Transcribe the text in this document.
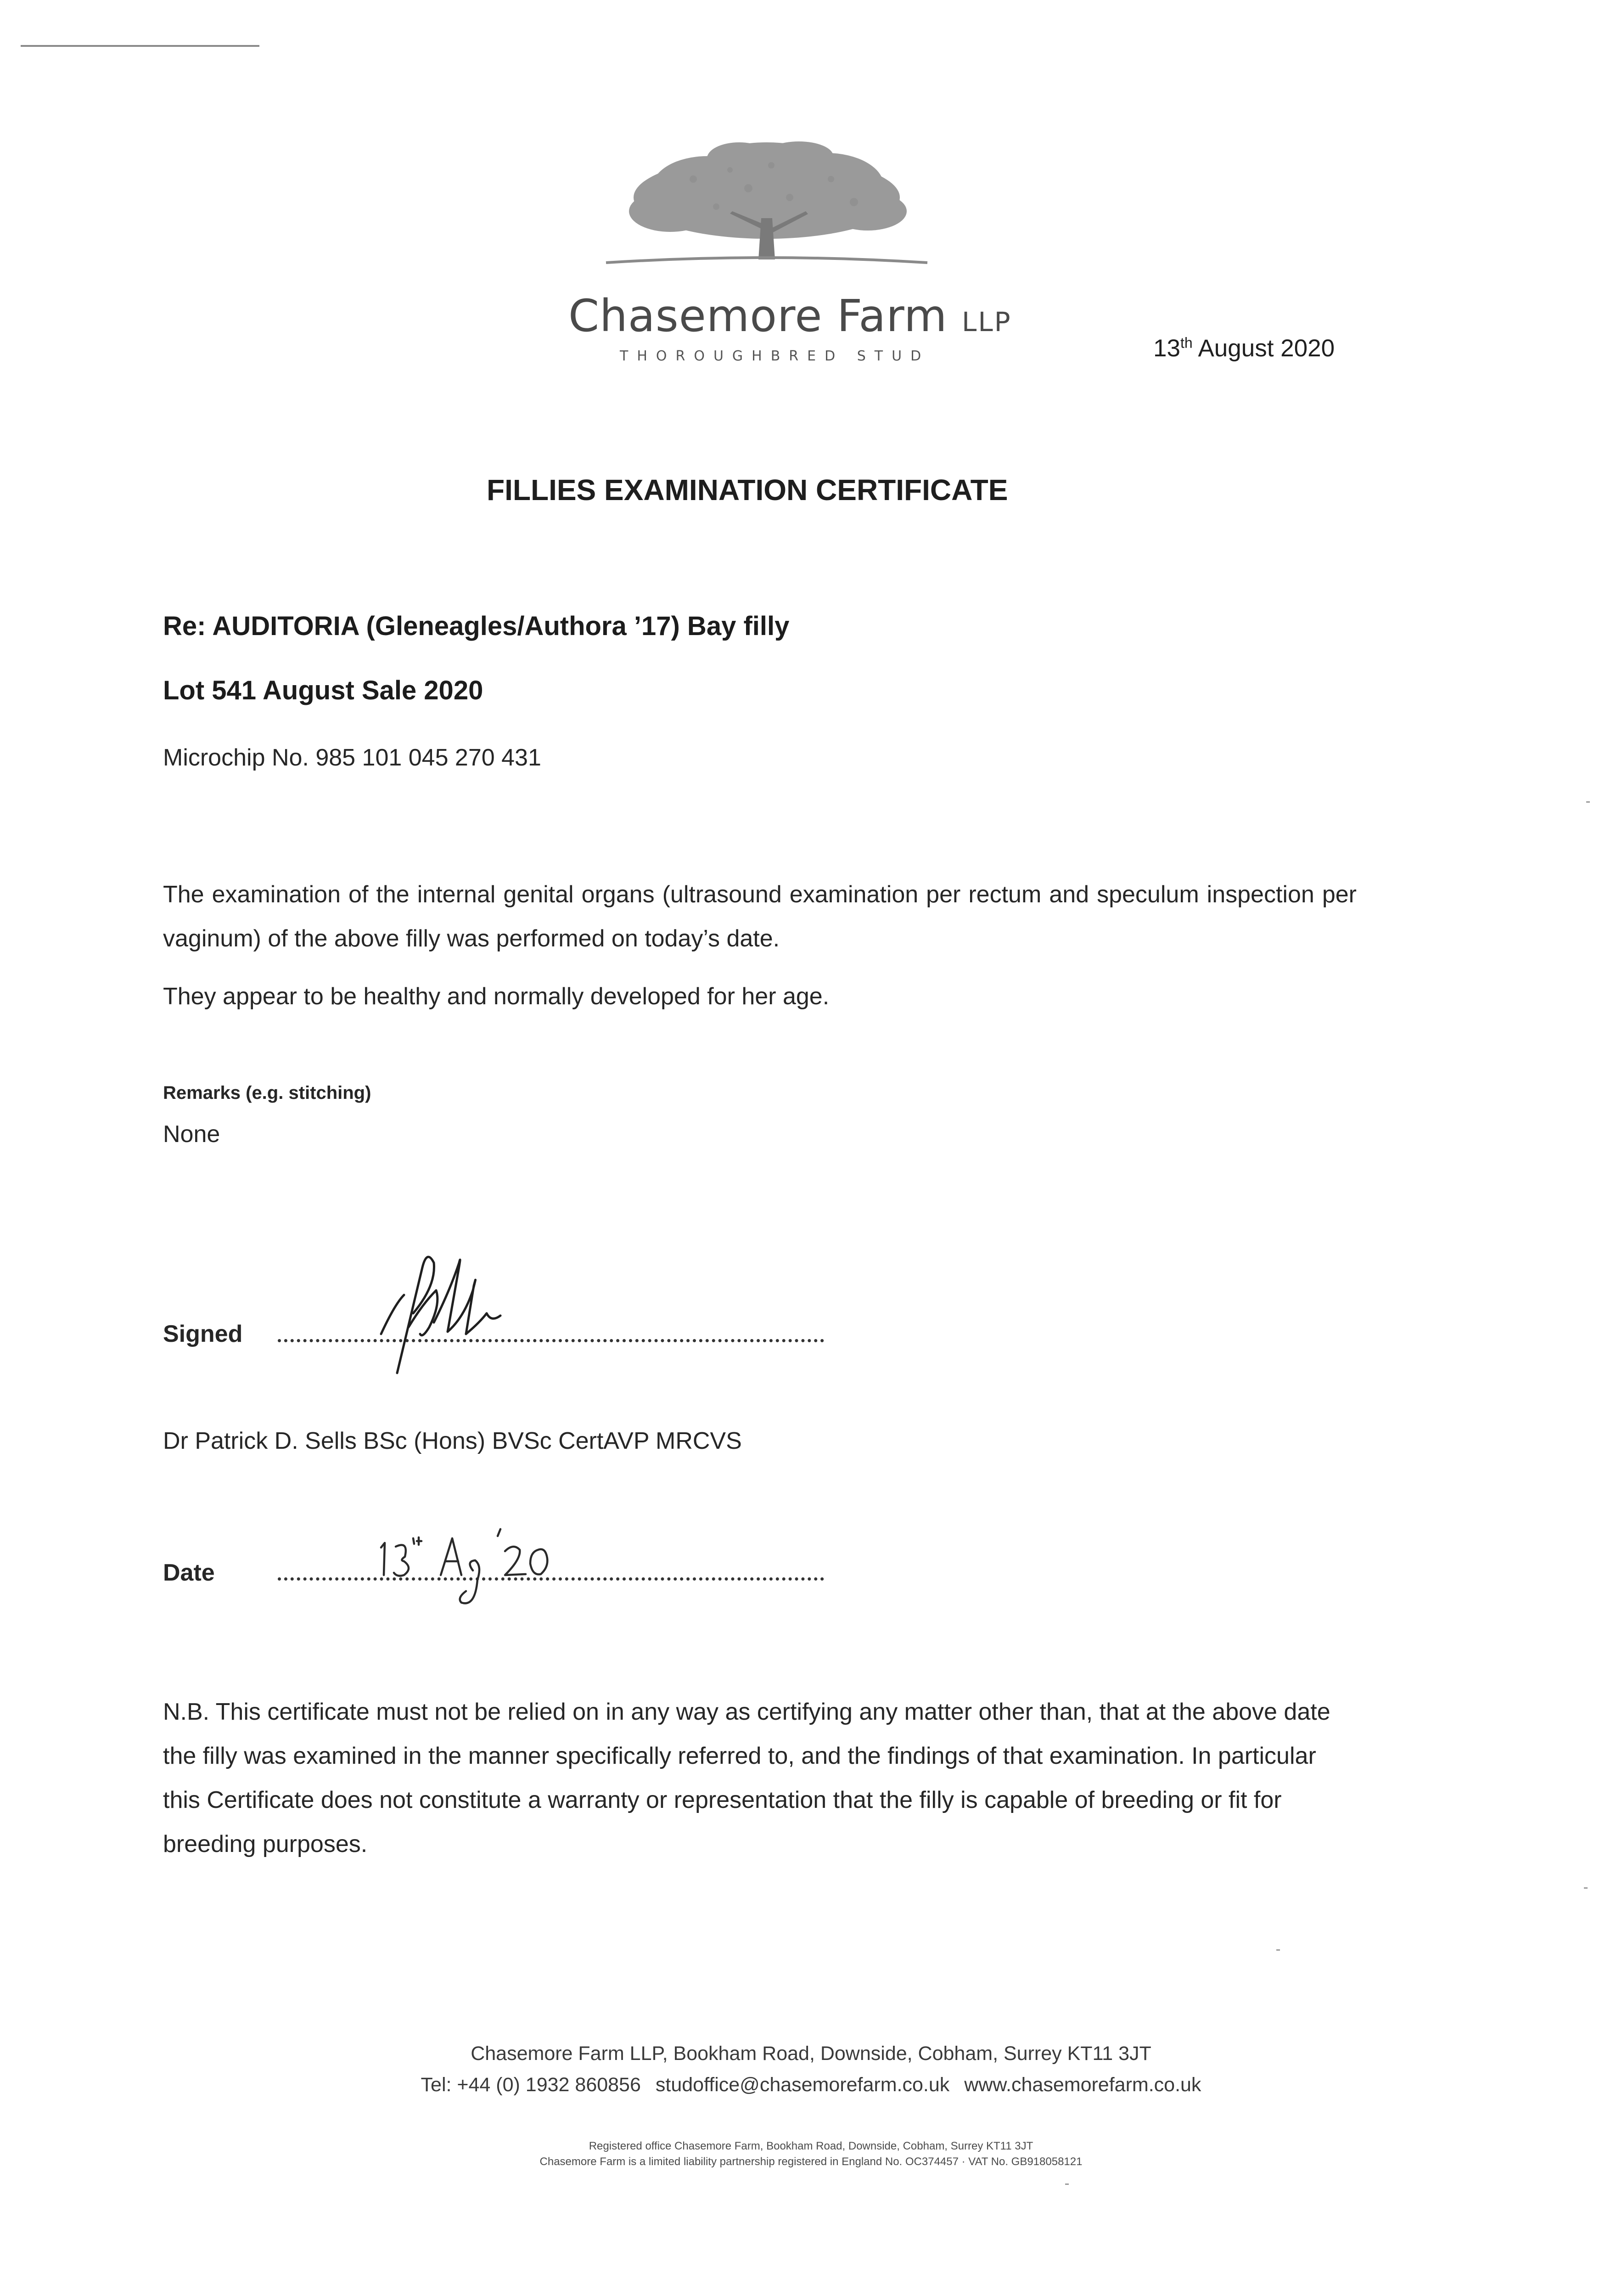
Chasemore Farm LLP
THOROUGHBRED STUD	13th August 2020
FILLIES EXAMINATION CERTIFICATE
Re: AUDITORIA (Gleneagles/Authora ’17) Bay filly
Lot 541 August Sale 2020
Microchip No. 985 101 045 270 431
The examination of the internal genital organs (ultrasound examination per rectum and speculum inspection per vaginum) of the above filly was performed on today’s date.
They appear to be healthy and normally developed for her age.
Remarks (e.g. stitching)
None
Signed
Dr Patrick D. Sells BSc (Hons) BVSc CertAVP MRCVS
Date
N.B. This certificate must not be relied on in any way as certifying any matter other than, that at the above date the filly was examined in the manner specifically referred to, and the findings of that examination. In particular this Certificate does not constitute a warranty or representation that the filly is capable of breeding or fit for breeding purposes.
Chasemore Farm LLP, Bookham Road, Downside, Cobham, Surrey KT11 3JT
Tel: +44 (0) 1932 860856 studoffice@chasemorefarm.co.uk www.chasemorefarm.co.uk
Registered office Chasemore Farm, Bookham Road, Downside, Cobham, Surrey KT11 3JT
Chasemore Farm is a limited liability partnership registered in England No. OC374457 · VAT No. GB918058121
